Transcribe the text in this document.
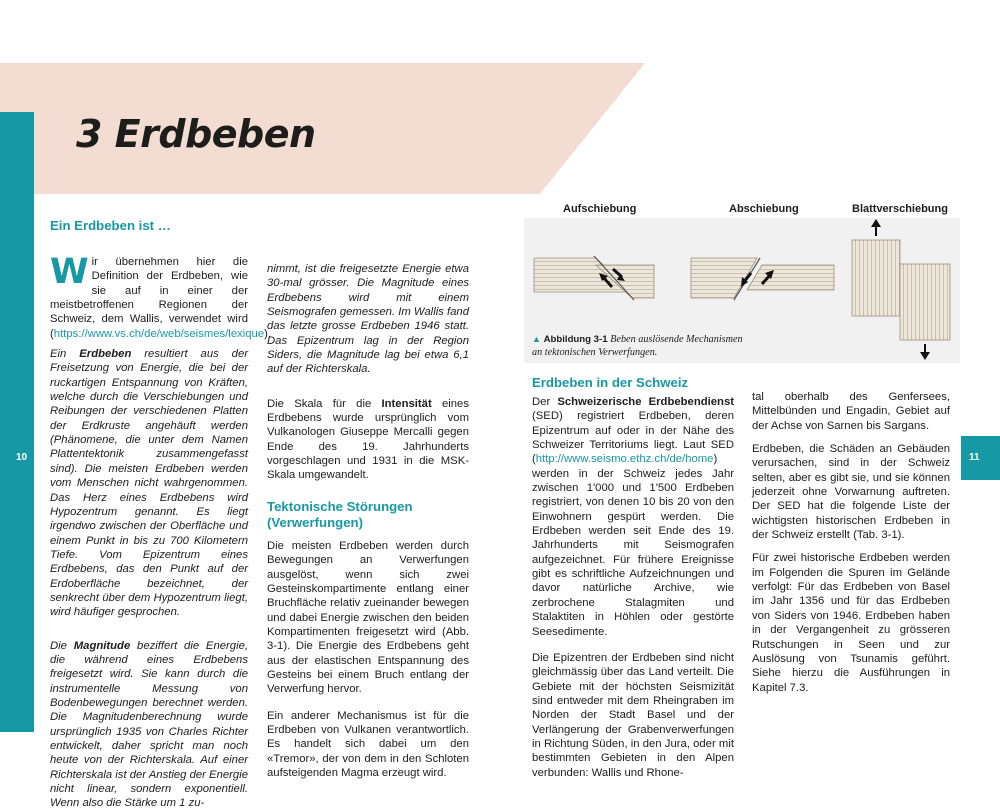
10	11
3 Erdbeben
Ein Erdbeben ist …

Wir übernehmen hier die Definition der Erdbeben, wie sie auf in einer der meistbetroffenen Regionen der Schweiz, dem Wallis, verwendet wird (https://www.vs.ch/de/web/seismes/lexique).

Ein Erdbeben resultiert aus der Freisetzung von Energie, die bei der ruckartigen Entspannung von Kräften, welche durch die Verschiebungen und Reibungen der verschiedenen Platten der Erdkruste angehäuft werden (Phänomene, die unter dem Namen Plattentektonik zusammengefasst sind). Die meisten Erdbeben werden vom Menschen nicht wahrgenommen. Das Herz eines Erdbebens wird Hypozentrum genannt. Es liegt irgendwo zwischen der Oberfläche und einem Punkt in bis zu 700 Kilometern Tiefe. Vom Epizentrum eines Erdbebens, das den Punkt auf der Erdoberfläche bezeichnet, der senkrecht über dem Hypozentrum liegt, wird häufiger gesprochen.

Die Magnitude beziffert die Energie, die während eines Erdbebens freigesetzt wird. Sie kann durch die instrumentelle Messung von Bodenbewegungen berechnet werden. Die Magnitudenberechnung wurde ursprünglich 1935 von Charles Richter entwickelt, daher spricht man noch heute von der Richterskala. Auf einer Richterskala ist der Anstieg der Energie nicht linear, sondern exponentiell. Wenn also die Stärke um 1 zu-

nimmt, ist die freigesetzte Energie etwa 30-mal grösser. Die Magnitude eines Erdbebens wird mit einem Seismografen gemessen. Im Wallis fand das letzte grosse Erdbeben 1946 statt. Das Epizentrum lag in der Region Siders, die Magnitude lag bei etwa 6,1 auf der Richterskala.

Die Skala für die Intensität eines Erdbebens wurde ursprünglich vom Vulkanologen Giuseppe Mercalli gegen Ende des 19. Jahrhunderts vorgeschlagen und 1931 in die MSK-Skala umgewandelt.

Tektonische Störungen (Verwerfungen)

Die meisten Erdbeben werden durch Bewegungen an Verwerfungen ausgelöst, wenn sich zwei Gesteinskompartimente entlang einer Bruchfläche relativ zueinander bewegen und dabei Energie zwischen den beiden Kompartimenten freigesetzt wird (Abb. 3-1). Die Energie des Erdbebens geht aus der elastischen Entspannung des Gesteins bei einem Bruch entlang der Verwerfung hervor.

Ein anderer Mechanismus ist für die Erdbeben von Vulkanen verantwortlich. Es handelt sich dabei um den «Tremor», der von dem in den Schloten aufsteigenden Magma erzeugt wird.

Aufschiebung	Abschiebung	Blattverschiebung
▲ Abbildung 3-1 Beben auslösende Mechanismen an tektonischen Verwerfungen.
Erdbeben in der Schweiz

Der Schweizerische Erdbebendienst (SED) registriert Erdbeben, deren Epizentrum auf oder in der Nähe des Schweizer Territoriums liegt. Laut SED (http://www.seismo.ethz.ch/de/home) werden in der Schweiz jedes Jahr zwischen 1'000 und 1'500 Erdbeben registriert, von denen 10 bis 20 von den Einwohnern gespürt werden. Die Erdbeben werden seit Ende des 19. Jahrhunderts mit Seismografen aufgezeichnet. Für frühere Ereignisse gibt es schriftliche Aufzeichnungen und davor natürliche Archive, wie zerbrochene Stalagmiten und Stalaktiten in Höhlen oder gestörte Seesedimente.

Die Epizentren der Erdbeben sind nicht gleichmässig über das Land verteilt. Die Gebiete mit der höchsten Seismizität sind entweder mit dem Rheingraben im Norden der Stadt Basel und der Verlängerung der Grabenverwerfungen in Richtung Süden, in den Jura, oder mit bestimmten Gebieten in den Alpen verbunden: Wallis und Rhone-

tal oberhalb des Genfersees, Mittelbünden und Engadin, Gebiet auf der Achse von Sarnen bis Sargans.

Erdbeben, die Schäden an Gebäuden verursachen, sind in der Schweiz selten, aber es gibt sie, und sie können jederzeit ohne Vorwarnung auftreten. Der SED hat die folgende Liste der wichtigsten historischen Erdbeben in der Schweiz erstellt (Tab. 3-1).

Für zwei historische Erdbeben werden im Folgenden die Spuren im Gelände verfolgt: Für das Erdbeben von Basel im Jahr 1356 und für das Erdbeben von Siders von 1946. Erdbeben haben in der Vergangenheit zu grösseren Rutschungen in Seen und zur Auslösung von Tsunamis geführt. Siehe hierzu die Ausführungen in Kapitel 7.3.
